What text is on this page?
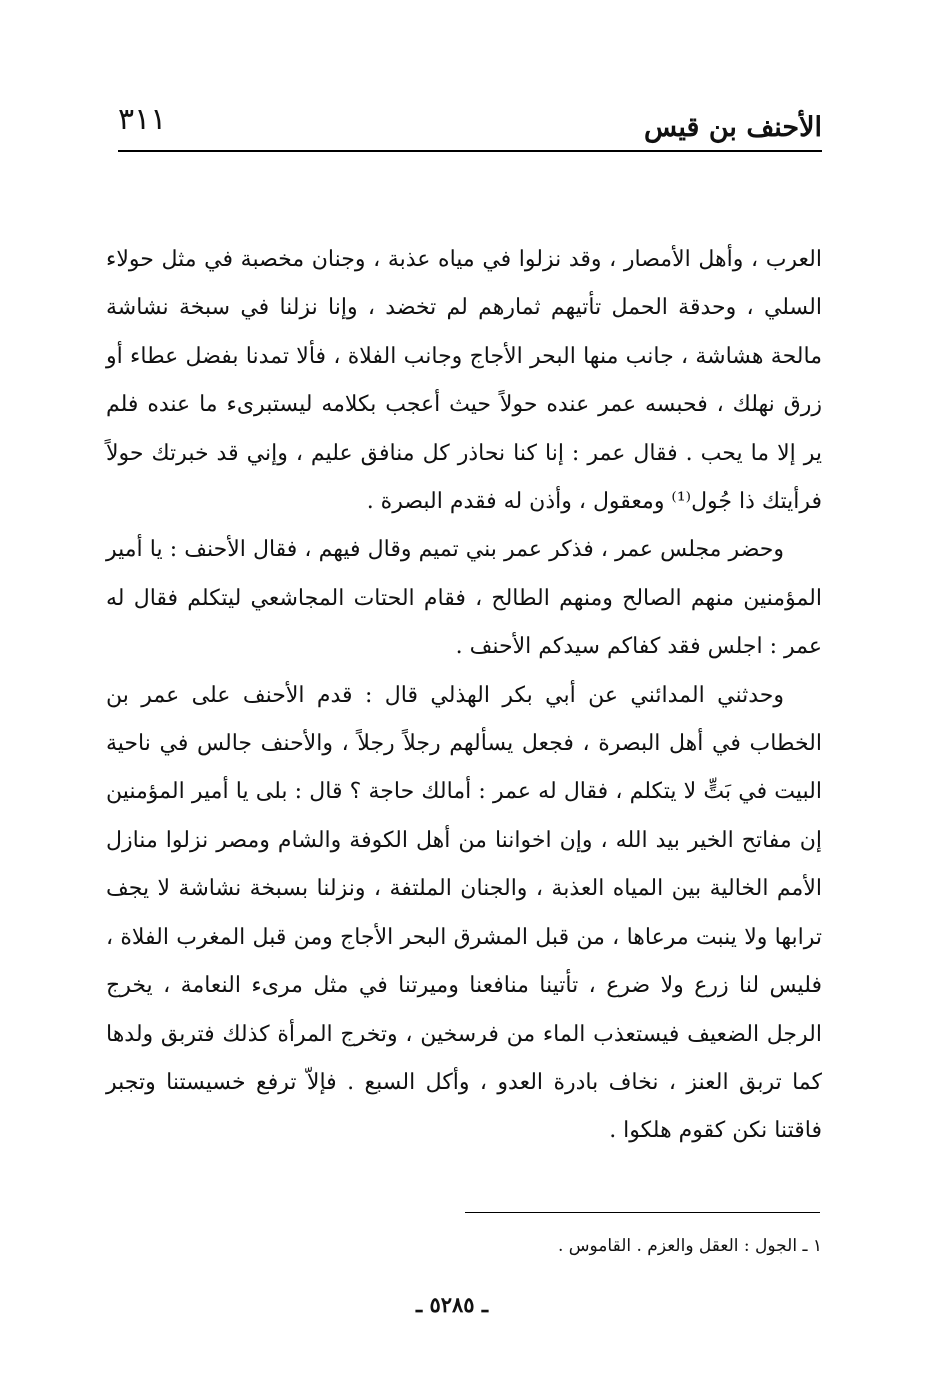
الأحنف بن قيس
٣١١

العرب ، وأهل الأمصار ، وقد نزلوا في مياه عذبة ، وجنان مخصبة في مثل حولاء السلي ، وحدقة الحمل تأتيهم ثمارهم لم تخضد ، وإنا نزلنا في سبخة نشاشة مالحة هشاشة ، جانب منها البحر الأجاج وجانب الفلاة ، فألا تمدنا بفضل عطاء أو زرق نهلك ، فحبسه عمر عنده حولاً حيث أعجب بكلامه ليستبرىء ما عنده فلم ير إلا ما يحب . فقال عمر : إنا كنا نحاذر كل منافق عليم ، وإني قد خبرتك حولاً فرأيتك ذا جُول⁽¹⁾ ومعقول ، وأذن له فقدم البصرة .

وحضر مجلس عمر ، فذكر عمر بني تميم وقال فيهم ، فقال الأحنف : يا أمير المؤمنين منهم الصالح ومنهم الطالح ، فقام الحتات المجاشعي ليتكلم فقال له عمر : اجلس فقد كفاكم سيدكم الأحنف .

وحدثني المدائني عن أبي بكر الهذلي قال : قدم الأحنف على عمر بن الخطاب في أهل البصرة ، فجعل يسألهم رجلاً رجلاً ، والأحنف جالس في ناحية البيت في بَتٍّ لا يتكلم ، فقال له عمر : أمالك حاجة ؟ قال : بلى يا أمير المؤمنين إن مفاتح الخير بيد الله ، وإن اخواننا من أهل الكوفة والشام ومصر نزلوا منازل الأمم الخالية بين المياه العذبة ، والجنان الملتفة ، ونزلنا بسبخة نشاشة لا يجف ترابها ولا ينبت مرعاها ، من قبل المشرق البحر الأجاج ومن قبل المغرب الفلاة ، فليس لنا زرع ولا ضرع ، تأتينا منافعنا وميرتنا في مثل مرىء النعامة ، يخرج الرجل الضعيف فيستعذب الماء من فرسخين ، وتخرج المرأة كذلك فتربق ولدها كما تربق العنز ، نخاف بادرة العدو ، وأكل السبع . فإلاّ ترفع خسيستنا وتجبر فاقتنا نكن كقوم هلكوا .

١ ـ الجول : العقل والعزم . القاموس .
ـ ٥٢٨٥ ـ
